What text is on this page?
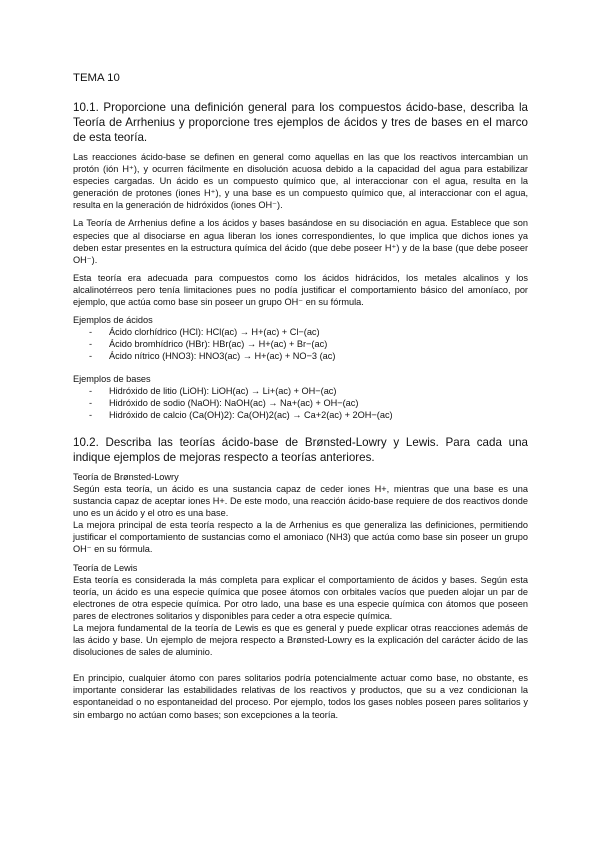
TEMA 10

10.1. Proporcione una definición general para los compuestos ácido-base, describa la Teoría de Arrhenius y proporcione tres ejemplos de ácidos y tres de bases en el marco de esta teoría.

Las reacciones ácido-base se definen en general como aquellas en las que los reactivos intercambian un protón (ión H⁺), y ocurren fácilmente en disolución acuosa debido a la capacidad del agua para estabilizar especies cargadas. Un ácido es un compuesto químico que, al interaccionar con el agua, resulta en la generación de protones (iones H⁺), y una base es un compuesto químico que, al interaccionar con el agua, resulta en la generación de hidróxidos (iones OH⁻).

La Teoría de Arrhenius define a los ácidos y bases basándose en su disociación en agua. Establece que son especies que al disociarse en agua liberan los iones correspondientes, lo que implica que dichos iones ya deben estar presentes en la estructura química del ácido (que debe poseer H⁺) y de la base (que debe poseer OH⁻).

Esta teoría era adecuada para compuestos como los ácidos hidrácidos, los metales alcalinos y los alcalinotérreos pero tenía limitaciones pues no podía justificar el comportamiento básico del amoníaco, por ejemplo, que actúa como base sin poseer un grupo OH⁻ en su fórmula.

Ejemplos de ácidos
- Ácido clorhídrico (HCl): HCl(ac) → H+(ac) + Cl−(ac)
- Ácido bromhídrico (HBr): HBr(ac) → H+(ac) + Br−(ac)
- Ácido nítrico (HNO3): HNO3(ac) → H+(ac) + NO−3 (ac)
Ejemplos de bases
- Hidróxido de litio (LiOH): LiOH(ac) → Li+(ac) + OH−(ac)
- Hidróxido de sodio (NaOH): NaOH(ac) → Na+(ac) + OH−(ac)
- Hidróxido de calcio (Ca(OH)2): Ca(OH)2(ac) → Ca+2(ac) + 2OH−(ac)

10.2. Describa las teorías ácido-base de Brønsted-Lowry y Lewis. Para cada una indique ejemplos de mejoras respecto a teorías anteriores.

Teoría de Brønsted-Lowry

Según esta teoría, un ácido es una sustancia capaz de ceder iones H+, mientras que una base es una sustancia capaz de aceptar iones H+. De este modo, una reacción ácido-base requiere de dos reactivos donde uno es un ácido y el otro es una base.

La mejora principal de esta teoría respecto a la de Arrhenius es que generaliza las definiciones, permitiendo justificar el comportamiento de sustancias como el amoniaco (NH3) que actúa como base sin poseer un grupo OH⁻ en su fórmula.

Teoría de Lewis

Esta teoría es considerada la más completa para explicar el comportamiento de ácidos y bases. Según esta teoría, un ácido es una especie química que posee átomos con orbitales vacíos que pueden alojar un par de electrones de otra especie química. Por otro lado, una base es una especie química con átomos que poseen pares de electrones solitarios y disponibles para ceder a otra especie química.

La mejora fundamental de la teoría de Lewis es que es general y puede explicar otras reacciones además de las ácido y base. Un ejemplo de mejora respecto a Brønsted-Lowry es la explicación del carácter ácido de las disoluciones de sales de aluminio.

En principio, cualquier átomo con pares solitarios podría potencialmente actuar como base, no obstante, es importante considerar las estabilidades relativas de los reactivos y productos, que su a vez condicionan la espontaneidad o no espontaneidad del proceso. Por ejemplo, todos los gases nobles poseen pares solitarios y sin embargo no actúan como bases; son excepciones a la teoría.
